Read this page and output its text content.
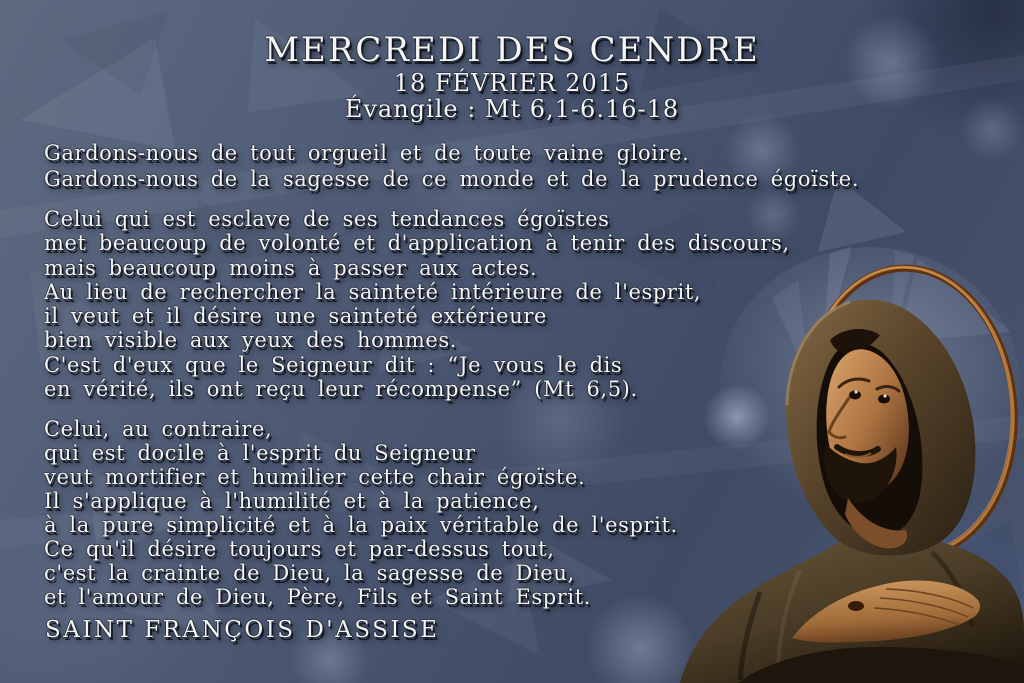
MERCREDI DES CENDRE
18 FÉVRIER 2015
Évangile : Mt 6,1-6.16-18
Gardons-nous de tout orgueil et de toute vaine gloire.
Gardons-nous de la sagesse de ce monde et de la prudence égoïste.
Celui qui est esclave de ses tendances égoïstes
met beaucoup de volonté et d'application à tenir des discours,
mais beaucoup moins à passer aux actes.
Au lieu de rechercher la sainteté intérieure de l'esprit,
il veut et il désire une sainteté extérieure
bien visible aux yeux des hommes.
C'est d'eux que le Seigneur dit : “Je vous le dis
en vérité, ils ont reçu leur récompense” (Mt 6,5).
Celui, au contraire,
qui est docile à l'esprit du Seigneur
veut mortifier et humilier cette chair égoïste.
Il s'applique à l'humilité et à la patience,
à la pure simplicité et à la paix véritable de l'esprit.
Ce qu'il désire toujours et par-dessus tout,
c'est la crainte de Dieu, la sagesse de Dieu,
et l'amour de Dieu, Père, Fils et Saint Esprit.
SAINT FRANÇOIS D'ASSISE
